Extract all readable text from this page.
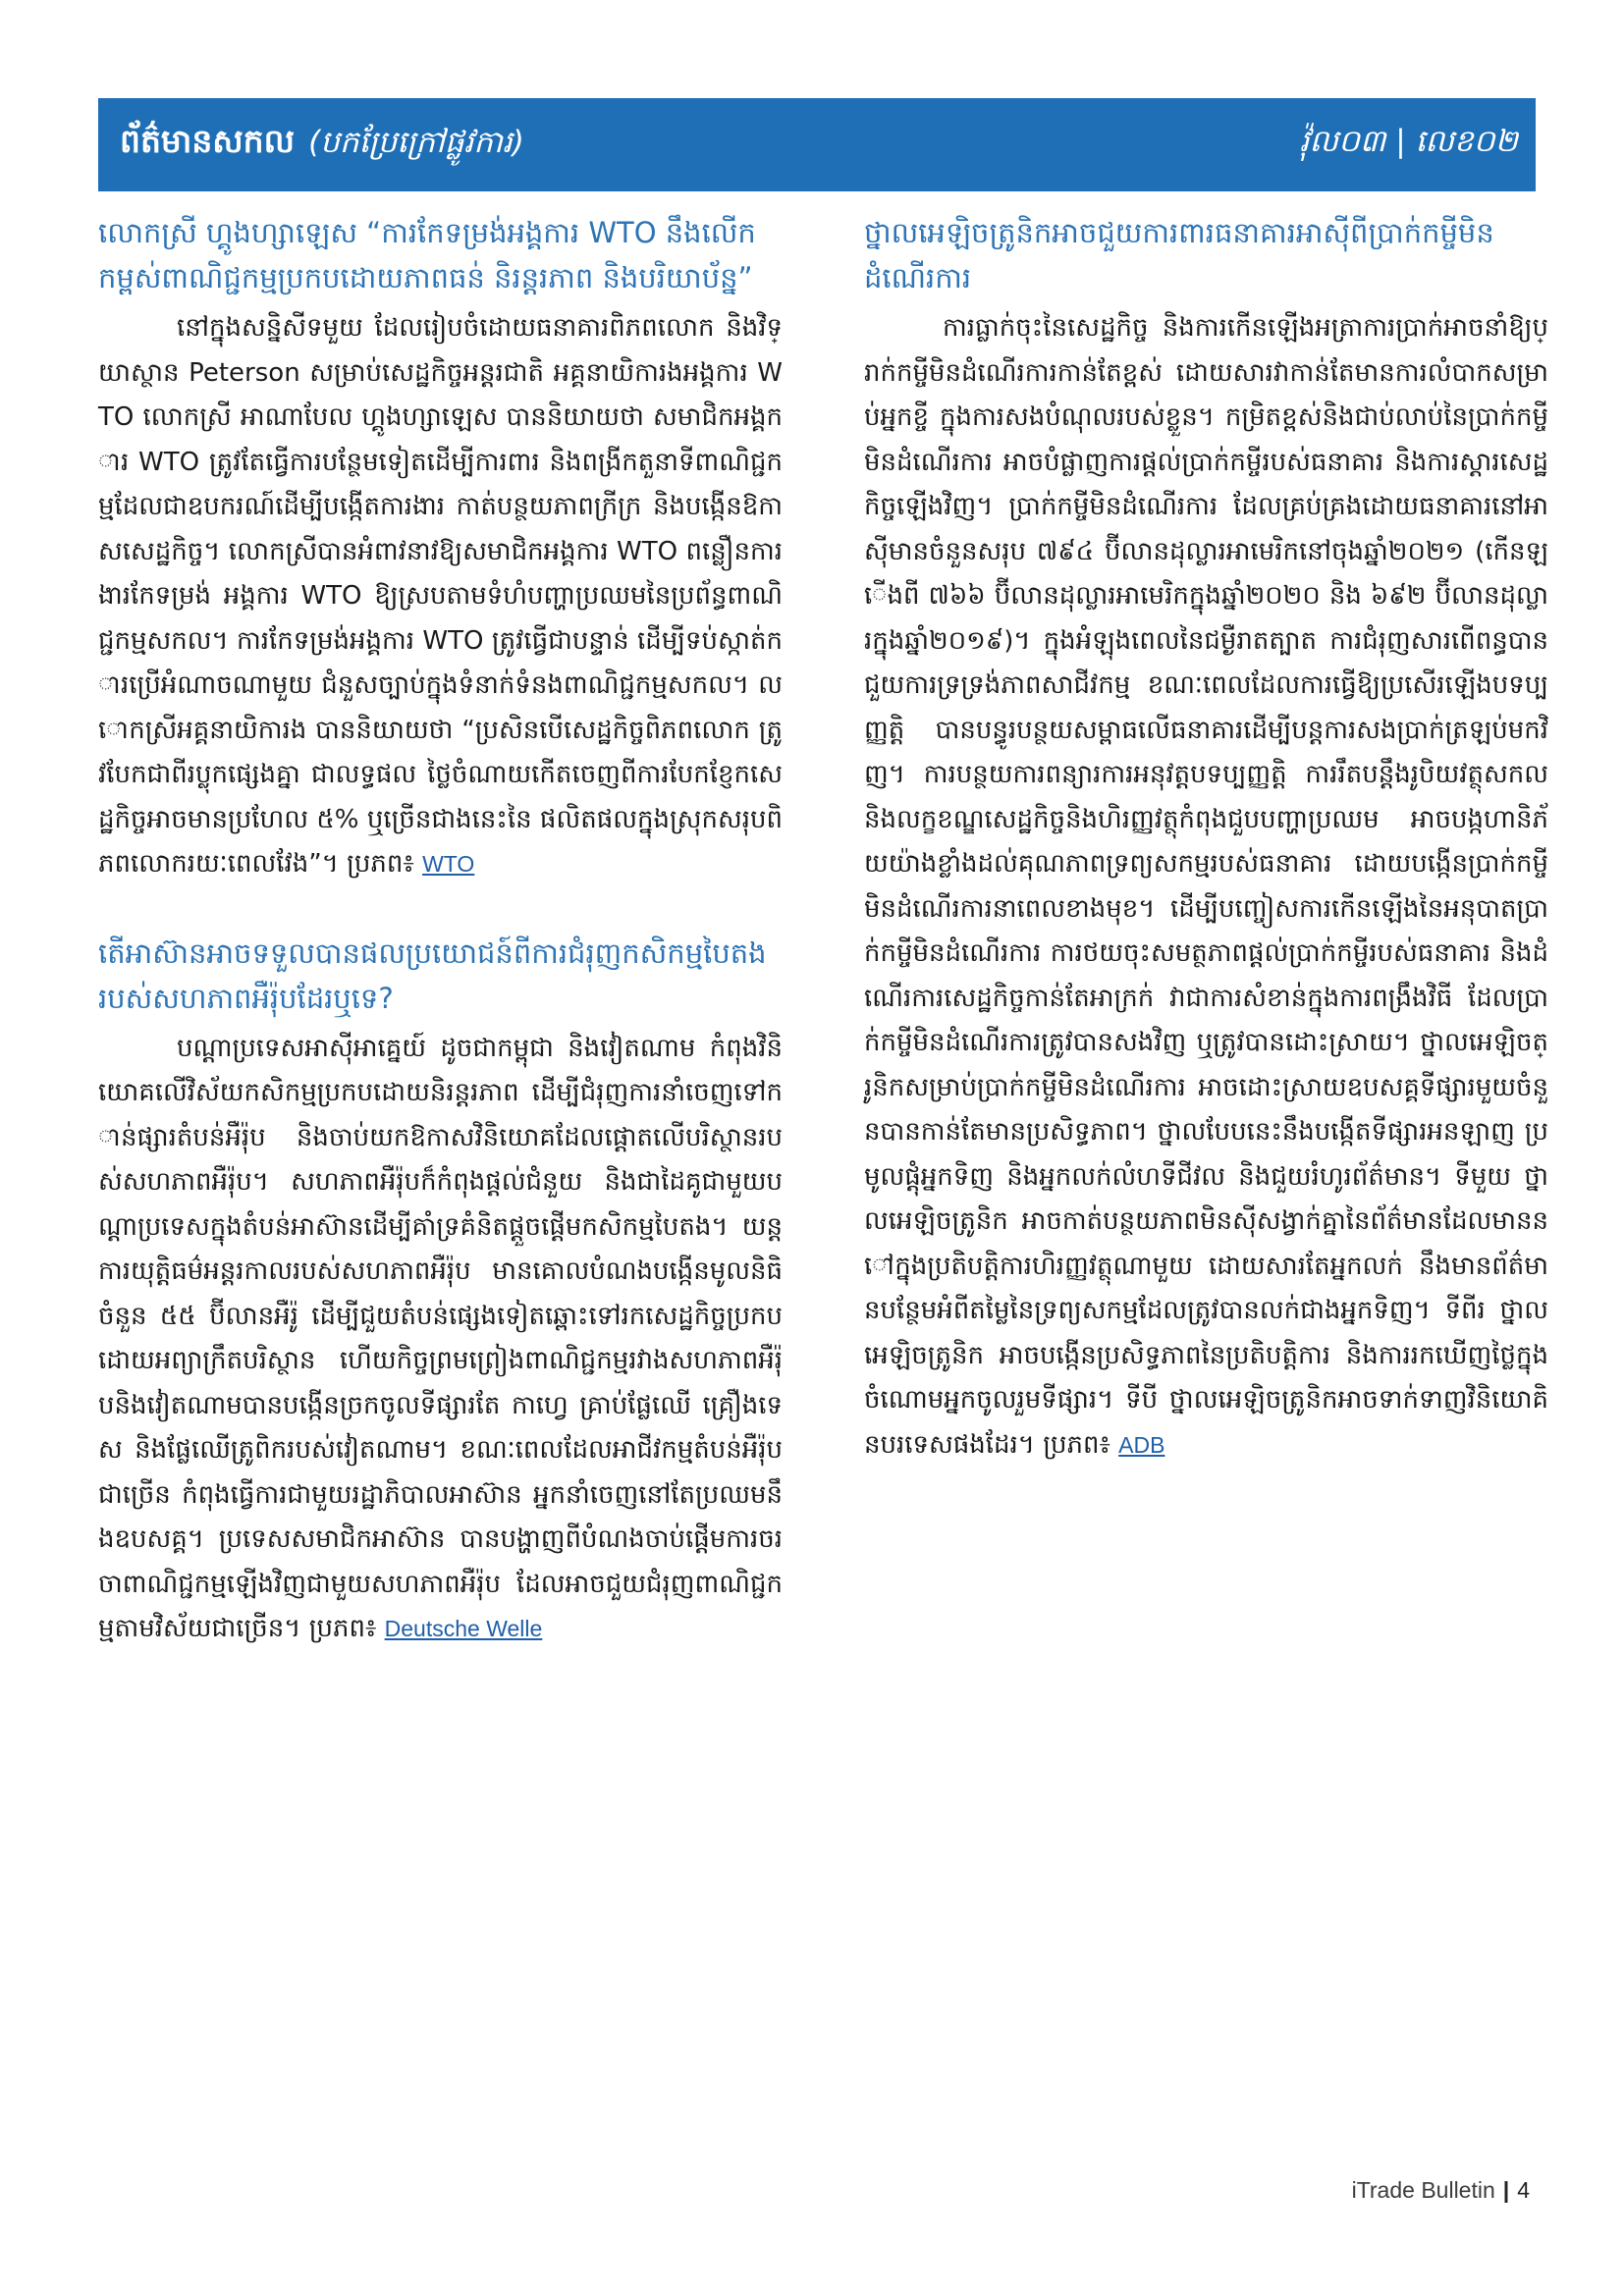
ព័ត៌មានសកល (បកប្រែក្រៅផ្លូវការ)	វ៉ុល០៣ | លេខ០២
លោកស្រី ហ្គូងហ្សាឡេស “ការកែទម្រង់អង្គការ WTO នឹងលើកកម្ពស់ពាណិជ្ជកម្មប្រកបដោយភាពធន់ និរន្តរភាព និងបរិយាប័ន្ន”

នៅក្នុងសន្និសីទមួយ ដែលរៀបចំដោយធនាគារពិភពលោក និងវិទ្យាស្ថាន Peterson សម្រាប់សេដ្ឋកិច្ចអន្តរជាតិ អគ្គនាយិការងអង្គការ WTO លោកស្រី អាណាបែល ហ្គូងហ្សាឡេស បាននិយាយថា សមាជិកអង្គការ WTO ត្រូវតែធ្វើការបន្ថែមទៀតដើម្បីការពារ និងពង្រីកតួនាទីពាណិជ្ជកម្មដែលជាឧបករណ៍ដើម្បីបង្កើតការងារ កាត់បន្ថយភាពក្រីក្រ និងបង្កើនឱកាសសេដ្ឋកិច្ច។ លោកស្រីបានអំពាវនាវឱ្យសមាជិកអង្គការ WTO ពន្លឿនការងារកែទម្រង់ អង្គការ WTO ឱ្យស្របតាមទំហំបញ្ហាប្រឈមនៃប្រព័ន្ធពាណិជ្ជកម្មសកល។ ការកែទម្រង់អង្គការ WTO ត្រូវធ្វើជាបន្ទាន់ ដើម្បីទប់ស្កាត់ការប្រើអំណាចណាមួយ ជំនួសច្បាប់ក្នុងទំនាក់ទំនងពាណិជ្ជកម្មសកល។ លោកស្រីអគ្គនាយិការង បាននិយាយថា “ប្រសិនបើសេដ្ឋកិច្ចពិភពលោក ត្រូវបែកជាពីរប្លុកផ្សេងគ្នា ជាលទ្ធផល ថ្លៃចំណាយកើតចេញពីការបែកខ្ញែកសេដ្ឋកិច្ចអាចមានប្រហែល ៥% ឬច្រើនជាងនេះនៃ ផលិតផលក្នុងស្រុកសរុបពិភពលោករយៈពេលវែង”។ ប្រភព៖ WTO

តើអាស៊ានអាចទទួលបានផលប្រយោជន៍ពីការជំរុញកសិកម្មបៃតងរបស់សហភាពអឺរ៉ុបដែរឬទេ?

បណ្តាប្រទេសអាស៊ីអាគ្នេយ៍ ដូចជាកម្ពុជា និងវៀតណាម កំពុងវិនិយោគលើវិស័យកសិកម្មប្រកបដោយនិរន្តរភាព ដើម្បីជំរុញការនាំចេញទៅកាន់ផ្សារតំបន់អឺរ៉ុប និងចាប់យកឱកាសវិនិយោគដែលផ្តោតលើបរិស្ថានរបស់សហភាពអឺរ៉ុប។ សហភាពអឺរ៉ុបក៏កំពុងផ្តល់ជំនួយ និងជាដៃគូជាមួយបណ្តាប្រទេសក្នុងតំបន់អាស៊ានដើម្បីគាំទ្រគំនិតផ្តួចផ្តើមកសិកម្មបៃតង។ យន្តការយុត្តិធម៌អន្តរកាលរបស់សហភាពអឺរ៉ុប មានគោលបំណងបង្កើនមូលនិធិចំនួន ៥៥ ប៊ីលានអឺរ៉ូ ដើម្បីជួយតំបន់ផ្សេងទៀតឆ្ពោះទៅរកសេដ្ឋកិច្ចប្រកបដោយអព្យាក្រឹតបរិស្ថាន ហើយកិច្ចព្រមព្រៀងពាណិជ្ជកម្មរវាងសហភាពអឺរ៉ុបនិងវៀតណាមបានបង្កើនច្រកចូលទីផ្សារតែ កាហ្វេ គ្រាប់ផ្លែឈើ គ្រឿងទេស និងផ្លែឈើត្រូពិករបស់វៀតណាម។ ខណៈពេលដែលអាជីវកម្មតំបន់អឺរ៉ុបជាច្រើន កំពុងធ្វើការជាមួយរដ្ឋាភិបាលអាស៊ាន អ្នកនាំចេញនៅតែប្រឈមនឹងឧបសគ្គ។ ប្រទេសសមាជិកអាស៊ាន បានបង្ហាញពីបំណងចាប់ផ្តើមការចរចាពាណិជ្ជកម្មឡើងវិញជាមួយសហភាពអឺរ៉ុប ដែលអាចជួយជំរុញពាណិជ្ជកម្មតាមវិស័យជាច្រើន។ ប្រភព៖ Deutsche Welle

ថ្នាលអេឡិចត្រូនិកអាចជួយការពារធនាគារអាស៊ីពីប្រាក់កម្ចីមិនដំណើរការ

ការធ្លាក់ចុះនៃសេដ្ឋកិច្ច និងការកើនឡើងអត្រាការប្រាក់អាចនាំឱ្យប្រាក់កម្ចីមិនដំណើរការកាន់តែខ្ពស់ ដោយសារវាកាន់តែមានការលំបាកសម្រាប់អ្នកខ្ចី ក្នុងការសងបំណុលរបស់ខ្លួន។ កម្រិតខ្ពស់និងជាប់លាប់នៃប្រាក់កម្ចីមិនដំណើរការ អាចបំផ្លាញការផ្តល់ប្រាក់កម្ចីរបស់ធនាគារ និងការស្តារសេដ្ឋកិច្ចឡើងវិញ។ ប្រាក់កម្ចីមិនដំណើរការ ដែលគ្រប់គ្រងដោយធនាគារនៅអាស៊ីមានចំនួនសរុប ៧៩៤ ប៊ីលានដុល្លារអាមេរិកនៅចុងឆ្នាំ២០២១ (កើនឡើងពី ៧៦៦ ប៊ីលានដុល្លារអាមេរិកក្នុងឆ្នាំ២០២០ និង ៦៩២ ប៊ីលានដុល្លារក្នុងឆ្នាំ២០១៩)។ ក្នុងអំឡុងពេលនៃជម្ងឺរាតត្បាត ការជំរុញសារពើពន្ធបានជួយការទ្រទ្រង់ភាពសាជីវកម្ម ខណៈពេលដែលការធ្វើឱ្យប្រសើរឡើងបទប្បញ្ញត្តិ បានបន្ធូរបន្ថយសម្ពាធលើធនាគារដើម្បីបន្តការសងប្រាក់ត្រឡប់មកវិញ។ ការបន្ថយការពន្យារការអនុវត្តបទប្បញ្ញត្តិ ការរឹតបន្តឹងរូបិយវត្ថុសកល និងលក្ខខណ្ឌសេដ្ឋកិច្ចនិងហិរញ្ញវត្ថុកំពុងជួបបញ្ហាប្រឈម អាចបង្កហានិភ័យយ៉ាងខ្លាំងដល់គុណភាពទ្រព្យសកម្មរបស់ធនាគារ ដោយបង្កើនប្រាក់កម្ចីមិនដំណើរការនាពេលខាងមុខ។ ដើម្បីបញ្ចៀសការកើនឡើងនៃអនុបាតប្រាក់កម្ចីមិនដំណើរការ ការថយចុះសមត្ថភាពផ្តល់ប្រាក់កម្ចីរបស់ធនាគារ និងដំណើរការសេដ្ឋកិច្ចកាន់តែអាក្រក់ វាជាការសំខាន់ក្នុងការពង្រឹងវិធី ដែលប្រាក់កម្ចីមិនដំណើរការត្រូវបានសងវិញ ឬត្រូវបានដោះស្រាយ។ ថ្នាលអេឡិចត្រូនិកសម្រាប់ប្រាក់កម្ចីមិនដំណើរការ អាចដោះស្រាយឧបសគ្គទីផ្សារមួយចំនួនបានកាន់តែមានប្រសិទ្ធភាព។ ថ្នាលបែបនេះនឹងបង្កើតទីផ្សារអនឡាញ ប្រមូលផ្តុំអ្នកទិញ និងអ្នកលក់លំហទីជីវល និងជួយរំហូរព័ត៌មាន។ ទីមួយ ថ្នាលអេឡិចត្រូនិក អាចកាត់បន្ថយភាពមិនស៊ីសង្វាក់គ្នានៃព័ត៌មានដែលមាននៅក្នុងប្រតិបត្តិការហិរញ្ញវត្ថុណាមួយ ដោយសារតែអ្នកលក់ នឹងមានព័ត៌មានបន្ថែមអំពីតម្លៃនៃទ្រព្យសកម្មដែលត្រូវបានលក់ជាងអ្នកទិញ។ ទីពីរ ថ្នាលអេឡិចត្រូនិក អាចបង្កើនប្រសិទ្ធភាពនៃប្រតិបត្តិការ និងការរកឃើញថ្លៃក្នុងចំណោមអ្នកចូលរួមទីផ្សារ។ ទីបី ថ្នាលអេឡិចត្រូនិកអាចទាក់ទាញវិនិយោគិនបរទេសផងដែរ។ ប្រភព៖ ADB

iTrade Bulletin | 4
